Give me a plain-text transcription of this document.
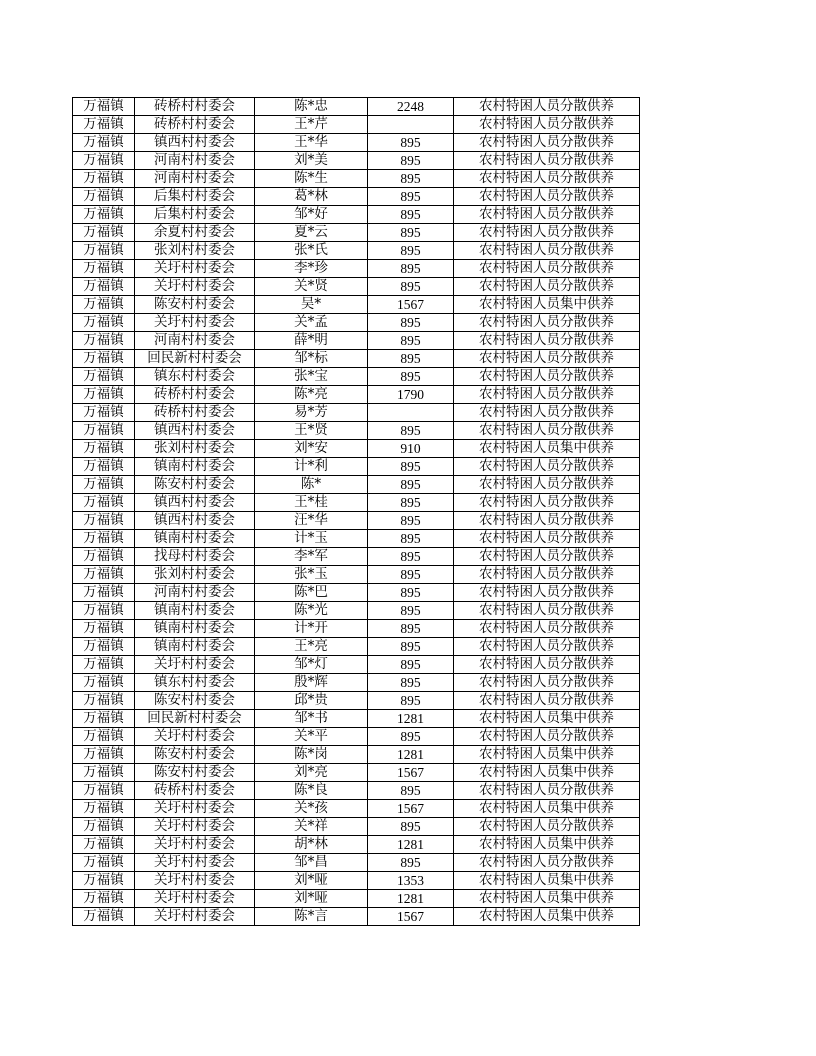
万福镇	砖桥村村委会	陈*忠	2248	农村特困人员分散供养
万福镇	砖桥村村委会	王*芹		农村特困人员分散供养
万福镇	镇西村村委会	王*华	895	农村特困人员分散供养
万福镇	河南村村委会	刘*美	895	农村特困人员分散供养
万福镇	河南村村委会	陈*生	895	农村特困人员分散供养
万福镇	后集村村委会	葛*林	895	农村特困人员分散供养
万福镇	后集村村委会	邹*好	895	农村特困人员分散供养
万福镇	余夏村村委会	夏*云	895	农村特困人员分散供养
万福镇	张刘村村委会	张*氏	895	农村特困人员分散供养
万福镇	关圩村村委会	李*珍	895	农村特困人员分散供养
万福镇	关圩村村委会	关*贤	895	农村特困人员分散供养
万福镇	陈安村村委会	吴*	1567	农村特困人员集中供养
万福镇	关圩村村委会	关*孟	895	农村特困人员分散供养
万福镇	河南村村委会	薛*明	895	农村特困人员分散供养
万福镇	回民新村村委会	邹*标	895	农村特困人员分散供养
万福镇	镇东村村委会	张*宝	895	农村特困人员分散供养
万福镇	砖桥村村委会	陈*亮	1790	农村特困人员分散供养
万福镇	砖桥村村委会	易*芳		农村特困人员分散供养
万福镇	镇西村村委会	王*贤	895	农村特困人员分散供养
万福镇	张刘村村委会	刘*安	910	农村特困人员集中供养
万福镇	镇南村村委会	计*利	895	农村特困人员分散供养
万福镇	陈安村村委会	陈*	895	农村特困人员分散供养
万福镇	镇西村村委会	王*桂	895	农村特困人员分散供养
万福镇	镇西村村委会	汪*华	895	农村特困人员分散供养
万福镇	镇南村村委会	计*玉	895	农村特困人员分散供养
万福镇	找母村村委会	李*军	895	农村特困人员分散供养
万福镇	张刘村村委会	张*玉	895	农村特困人员分散供养
万福镇	河南村村委会	陈*巴	895	农村特困人员分散供养
万福镇	镇南村村委会	陈*光	895	农村特困人员分散供养
万福镇	镇南村村委会	计*开	895	农村特困人员分散供养
万福镇	镇南村村委会	王*亮	895	农村特困人员分散供养
万福镇	关圩村村委会	邹*灯	895	农村特困人员分散供养
万福镇	镇东村村委会	殷*辉	895	农村特困人员分散供养
万福镇	陈安村村委会	邱*贵	895	农村特困人员分散供养
万福镇	回民新村村委会	邹*书	1281	农村特困人员集中供养
万福镇	关圩村村委会	关*平	895	农村特困人员分散供养
万福镇	陈安村村委会	陈*岗	1281	农村特困人员集中供养
万福镇	陈安村村委会	刘*亮	1567	农村特困人员集中供养
万福镇	砖桥村村委会	陈*良	895	农村特困人员分散供养
万福镇	关圩村村委会	关*孩	1567	农村特困人员集中供养
万福镇	关圩村村委会	关*祥	895	农村特困人员分散供养
万福镇	关圩村村委会	胡*林	1281	农村特困人员集中供养
万福镇	关圩村村委会	邹*昌	895	农村特困人员分散供养
万福镇	关圩村村委会	刘*哑	1353	农村特困人员集中供养
万福镇	关圩村村委会	刘*哑	1281	农村特困人员集中供养
万福镇	关圩村村委会	陈*言	1567	农村特困人员集中供养
